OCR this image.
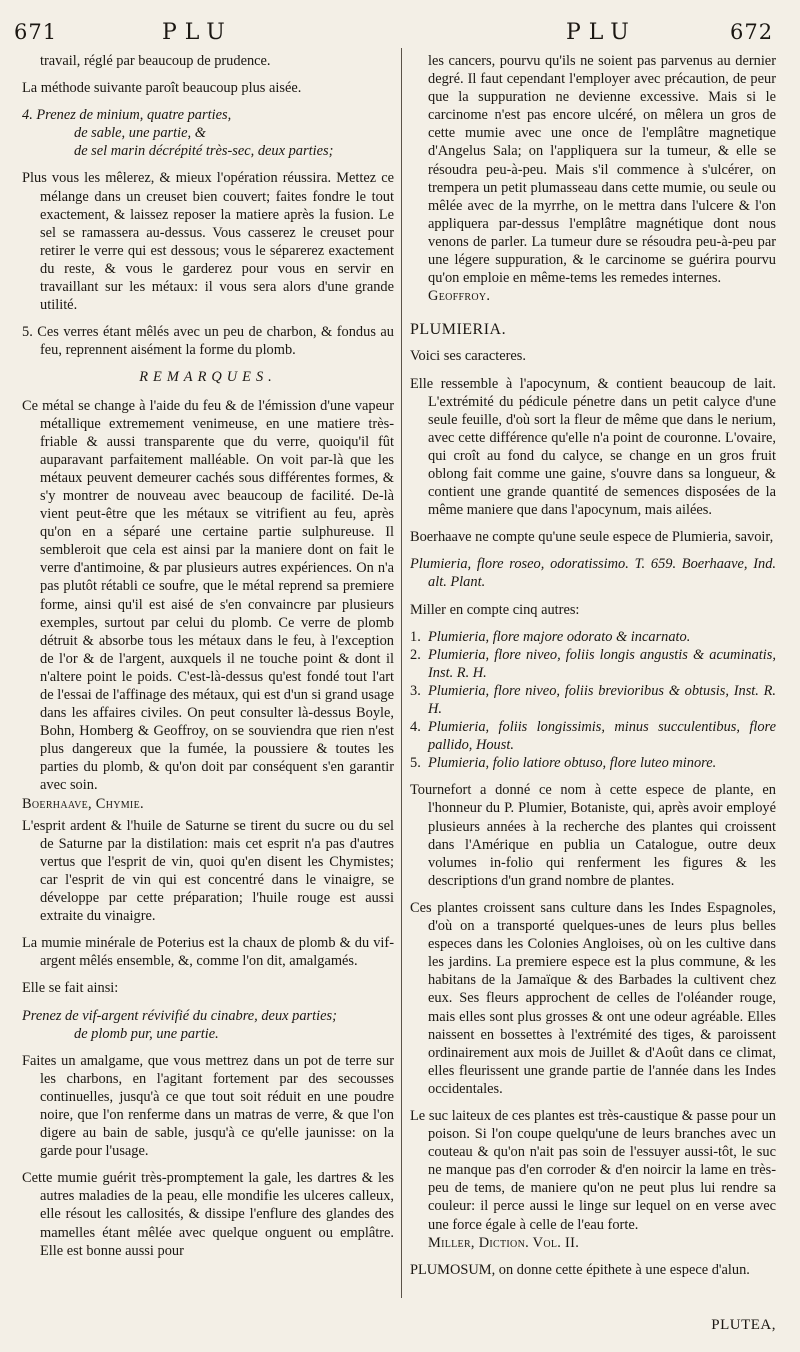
671	PLU	PLU	672

travail, réglé par beaucoup de prudence.

La méthode suivante paroît beaucoup plus aisée.

4. Prenez de minium, quatre parties,
de sable, une partie, &
de sel marin décrépité très-sec, deux parties;

Plus vous les mêlerez, & mieux l'opération réussira. Mettez ce mélange dans un creuset bien couvert; faites fondre le tout exactement, & laissez reposer la matiere après la fusion. Le sel se ramassera au-dessus. Vous casserez le creuset pour retirer le verre qui est dessous; vous le séparerez exactement du reste, & vous le garderez pour vous en servir en travaillant sur les métaux: il vous sera alors d'une grande utilité.

5. Ces verres étant mêlés avec un peu de charbon, & fondus au feu, reprennent aisément la forme du plomb.

REMARQUES.

Ce métal se change à l'aide du feu & de l'émission d'une vapeur métallique extremement venimeuse, en une matiere très-friable & aussi transparente que du verre, quoiqu'il fût auparavant parfaitement malléable. On voit par-là que les métaux peuvent demeurer cachés sous différentes formes, & s'y montrer de nouveau avec beaucoup de facilité. De-là vient peut-être que les métaux se vitrifient au feu, après qu'on en a séparé une certaine partie sulphureuse. Il sembleroit que cela est ainsi par la maniere dont on fait le verre d'antimoine, & par plusieurs autres expériences. On n'a pas plutôt rétabli ce soufre, que le métal reprend sa premiere forme, ainsi qu'il est aisé de s'en convaincre par plusieurs exemples, surtout par celui du plomb. Ce verre de plomb détruit & absorbe tous les métaux dans le feu, à l'exception de l'or & de l'argent, auxquels il ne touche point & dont il n'altere point le poids. C'est-là-dessus qu'est fondé tout l'art de l'essai de l'affinage des métaux, qui est d'un si grand usage dans les affaires civiles. On peut consulter là-dessus Boyle, Bohn, Homberg & Geoffroy, on se souviendra que rien n'est plus dangereux que la fumée, la poussiere & toutes les parties du plomb, & qu'on doit par conséquent s'en garantir avec soin.

Boerhaave, Chymie.

L'esprit ardent & l'huile de Saturne se tirent du sucre ou du sel de Saturne par la distilation: mais cet esprit n'a pas d'autres vertus que l'esprit de vin, quoi qu'en disent les Chymistes; car l'esprit de vin qui est concentré dans le vinaigre, se développe par cette préparation; l'huile rouge est aussi extraite du vinaigre.

La mumie minérale de Poterius est la chaux de plomb & du vif-argent mêlés ensemble, &, comme l'on dit, amalgamés.

Elle se fait ainsi:

Prenez de vif-argent révivifié du cinabre, deux parties;
de plomb pur, une partie.

Faites un amalgame, que vous mettrez dans un pot de terre sur les charbons, en l'agitant fortement par des secousses continuelles, jusqu'à ce que tout soit réduit en une poudre noire, que l'on renferme dans un matras de verre, & que l'on digere au bain de sable, jusqu'à ce qu'elle jaunisse: on la garde pour l'usage.

Cette mumie guérit très-promptement la gale, les dartres & les autres maladies de la peau, elle mondifie les ulceres calleux, elle résout les callosités, & dissipe l'enflure des glandes des mamelles étant mêlée avec quelque onguent ou emplâtre. Elle est bonne aussi pour

les cancers, pourvu qu'ils ne soient pas parvenus au dernier degré. Il faut cependant l'employer avec précaution, de peur que la suppuration ne devienne excessive. Mais si le carcinome n'est pas encore ulcéré, on mêlera un gros de cette mumie avec une once de l'emplâtre magnetique d'Angelus Sala; on l'appliquera sur la tumeur, & elle se résoudra peu-à-peu. Mais s'il commence à s'ulcérer, on trempera un petit plumasseau dans cette mumie, ou seule ou mêlée avec de la myrrhe, on le mettra dans l'ulcere & l'on appliquera par-dessus l'emplâtre magnétique dont nous venons de parler. La tumeur dure se résoudra peu-à-peu par une légere suppuration, & le carcinome se guérira pourvu qu'on emploie en même-tems les remedes internes.

Geoffroy.

PLUMIERIA.

Voici ses caracteres.

Elle ressemble à l'apocynum, & contient beaucoup de lait. L'extrémité du pédicule pénetre dans un petit calyce d'une seule feuille, d'où sort la fleur de même que dans le nerium, avec cette différence qu'elle n'a point de couronne. L'ovaire, qui croît au fond du calyce, se change en un gros fruit oblong fait comme une gaine, s'ouvre dans sa longueur, & contient une grande quantité de semences disposées de la même maniere que dans l'apocynum, mais ailées.

Boerhaave ne compte qu'une seule espece de Plumieria, savoir,

Plumieria, flore roseo, odoratissimo. T. 659. Boerhaave, Ind. alt. Plant.

Miller en compte cinq autres:

1. Plumieria, flore majore odorato & incarnato.
2. Plumieria, flore niveo, foliis longis angustis & acuminatis, Inst. R. H.
3. Plumieria, flore niveo, foliis brevioribus & obtusis, Inst. R. H.
4. Plumieria, foliis longissimis, minus succulentibus, flore pallido, Houst.
5. Plumieria, folio latiore obtuso, flore luteo minore.

Tournefort a donné ce nom à cette espece de plante, en l'honneur du P. Plumier, Botaniste, qui, après avoir employé plusieurs années à la recherche des plantes qui croissent dans l'Amérique en publia un Catalogue, outre deux volumes in-folio qui renferment les figures & les descriptions d'un grand nombre de plantes.

Ces plantes croissent sans culture dans les Indes Espagnoles, d'où on a transporté quelques-unes de leurs plus belles especes dans les Colonies Angloises, où on les cultive dans les jardins. La premiere espece est la plus commune, & les habitans de la Jamaïque & des Barbades la cultivent chez eux. Ses fleurs approchent de celles de l'oléander rouge, mais elles sont plus grosses & ont une odeur agréable. Elles naissent en bossettes à l'extrémité des tiges, & paroissent ordinairement aux mois de Juillet & d'Août dans ce climat, elles fleurissent une grande partie de l'année dans les Indes occidentales.

Le suc laiteux de ces plantes est très-caustique & passe pour un poison. Si l'on coupe quelqu'une de leurs branches avec un couteau & qu'on n'ait pas soin de l'essuyer aussi-tôt, le suc ne manque pas d'en corroder & d'en noircir la lame en très-peu de tems, de maniere qu'on ne peut plus lui rendre sa couleur: il perce aussi le linge sur lequel on en verse avec une force égale à celle de l'eau forte.

Miller, Diction. Vol. II.

PLUMOSUM, on donne cette épithete à une espece d'alun.

PLUTEA,
